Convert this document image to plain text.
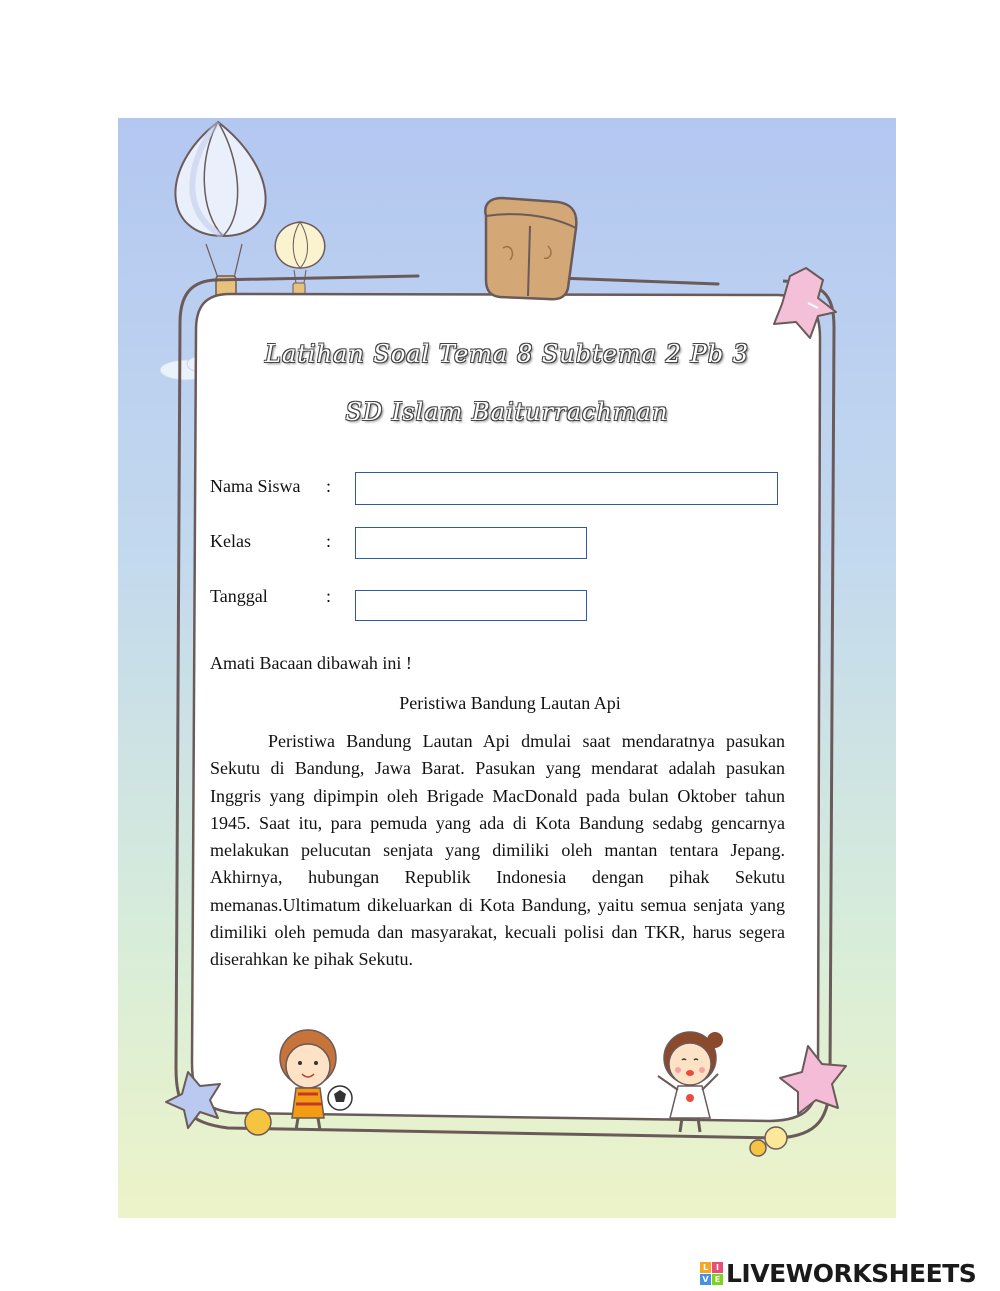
Latihan Soal Tema 8 Subtema 2 Pb 3
SD Islam Baiturrachman
Nama Siswa :
Kelas	:
Tanggal	:
Amati Bacaan dibawah ini !
Peristiwa Bandung Lautan Api

Peristiwa Bandung Lautan Api dmulai saat mendaratnya pasukan Sekutu di Bandung, Jawa Barat. Pasukan yang mendarat adalah pasukan Inggris yang dipimpin oleh Brigade MacDonald pada bulan Oktober tahun 1945. Saat itu, para pemuda yang ada di Kota Bandung sedabg gencarnya melakukan pelucutan senjata yang dimiliki oleh mantan tentara Jepang. Akhirnya, hubungan Republik Indonesia dengan pihak Sekutu memanas.Ultimatum dikeluarkan di Kota Bandung, yaitu semua senjata yang dimiliki oleh pemuda dan masyarakat, kecuali polisi dan TKR, harus segera diserahkan ke pihak Sekutu.

L I
V E LIVEWORKSHEETS
